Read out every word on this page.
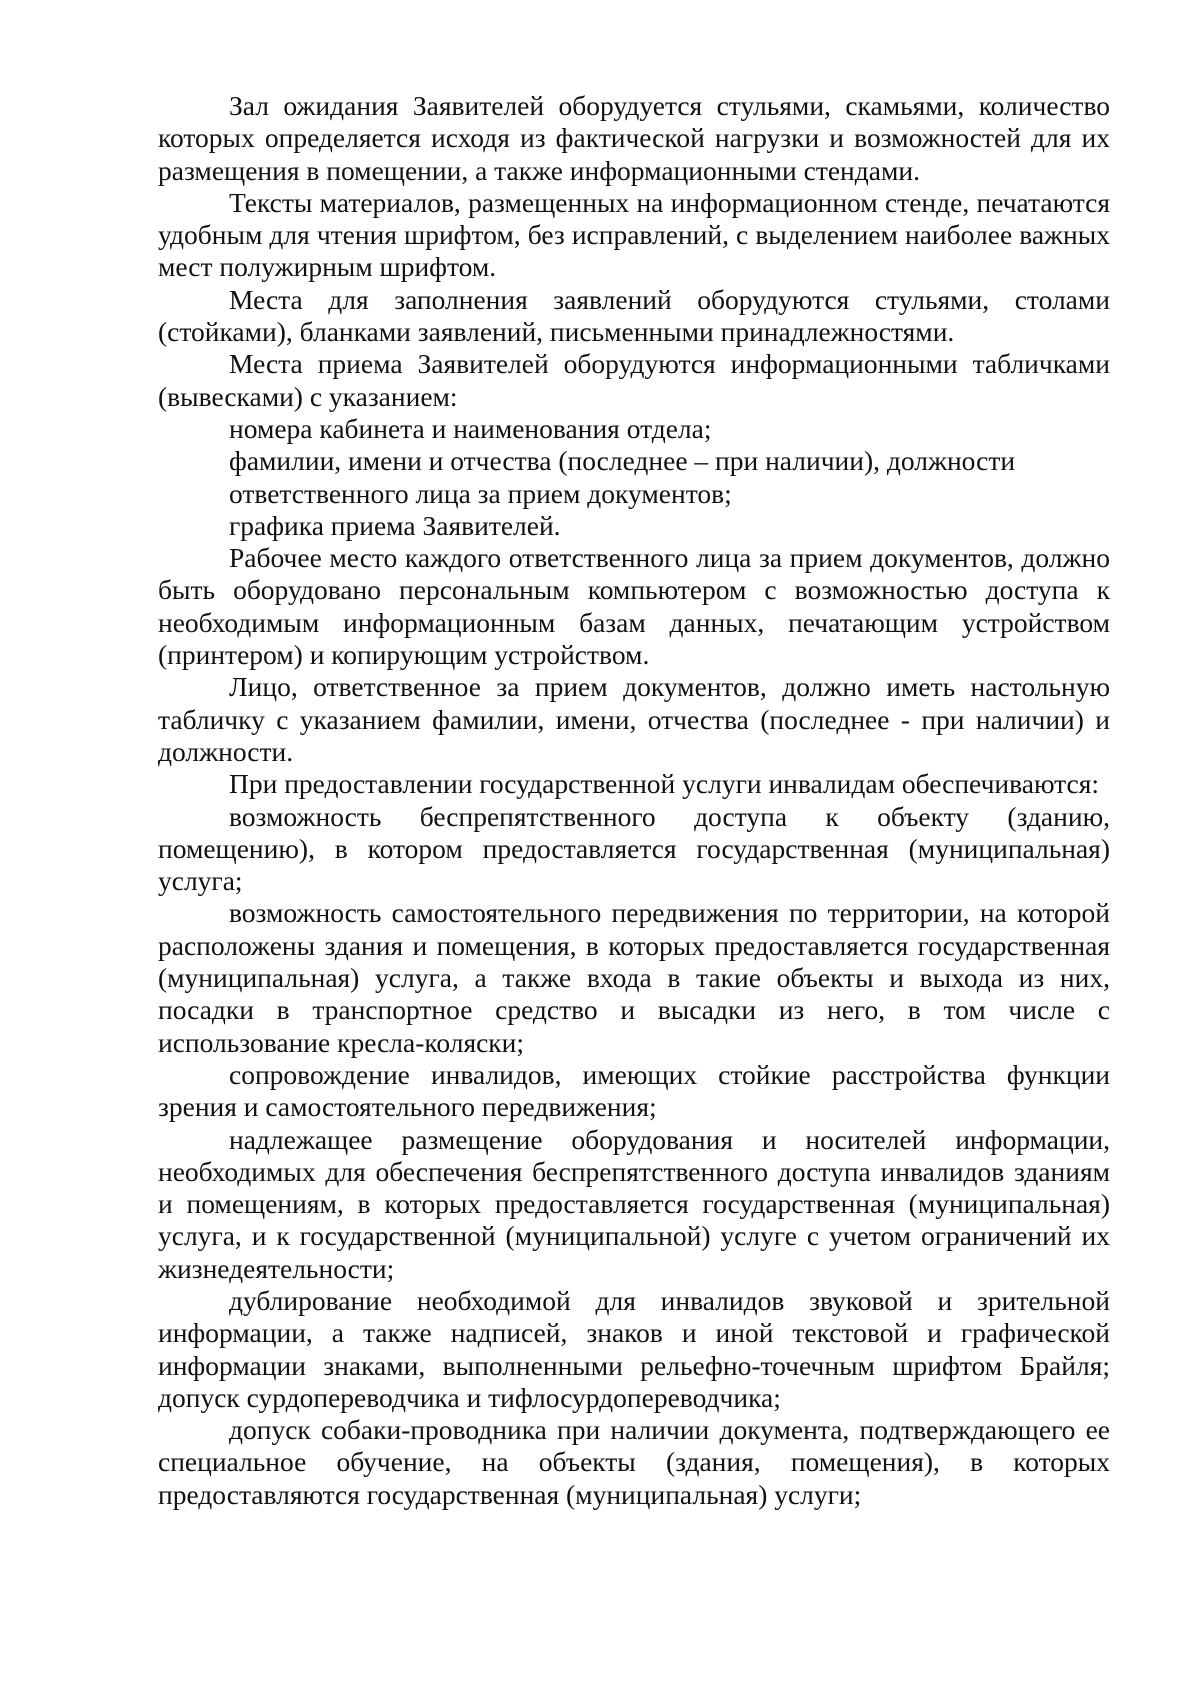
Зал ожидания Заявителей оборудуется стульями, скамьями, количество которых определяется исходя из фактической нагрузки и возможностей для их размещения в помещении, а также информационными стендами.

Тексты материалов, размещенных на информационном стенде, печатаются удобным для чтения шрифтом, без исправлений, с выделением наиболее важных мест полужирным шрифтом.

Места для заполнения заявлений оборудуются стульями, столами (стойками), бланками заявлений, письменными принадлежностями.

Места приема Заявителей оборудуются информационными табличками (вывесками) с указанием:

номера кабинета и наименования отдела;

фамилии, имени и отчества (последнее – при наличии), должности ответственного лица за прием документов;

графика приема Заявителей.

Рабочее место каждого ответственного лица за прием документов, должно быть оборудовано персональным компьютером с возможностью доступа к необходимым информационным базам данных, печатающим устройством (принтером) и копирующим устройством.

Лицо, ответственное за прием документов, должно иметь настольную табличку с указанием фамилии, имени, отчества (последнее - при наличии) и должности.

При предоставлении государственной услуги инвалидам обеспечиваются:

возможность беспрепятственного доступа к объекту (зданию, помещению), в котором предоставляется государственная (муниципальная) услуга;

возможность самостоятельного передвижения по территории, на которой расположены здания и помещения, в которых предоставляется государственная (муниципальная) услуга, а также входа в такие объекты и выхода из них, посадки в транспортное средство и высадки из него, в том числе с использование кресла-коляски;

сопровождение инвалидов, имеющих стойкие расстройства функции зрения и самостоятельного передвижения;

надлежащее размещение оборудования и носителей информации, необходимых для обеспечения беспрепятственного доступа инвалидов зданиям и помещениям, в которых предоставляется государственная (муниципальная) услуга, и к государственной (муниципальной) услуге с учетом ограничений их жизнедеятельности;

дублирование необходимой для инвалидов звуковой и зрительной информации, а также надписей, знаков и иной текстовой и графической информации знаками, выполненными рельефно-точечным шрифтом Брайля; допуск сурдопереводчика и тифлосурдопереводчика;

допуск собаки-проводника при наличии документа, подтверждающего ее специальное обучение, на объекты (здания, помещения), в которых предоставляются государственная (муниципальная) услуги;
